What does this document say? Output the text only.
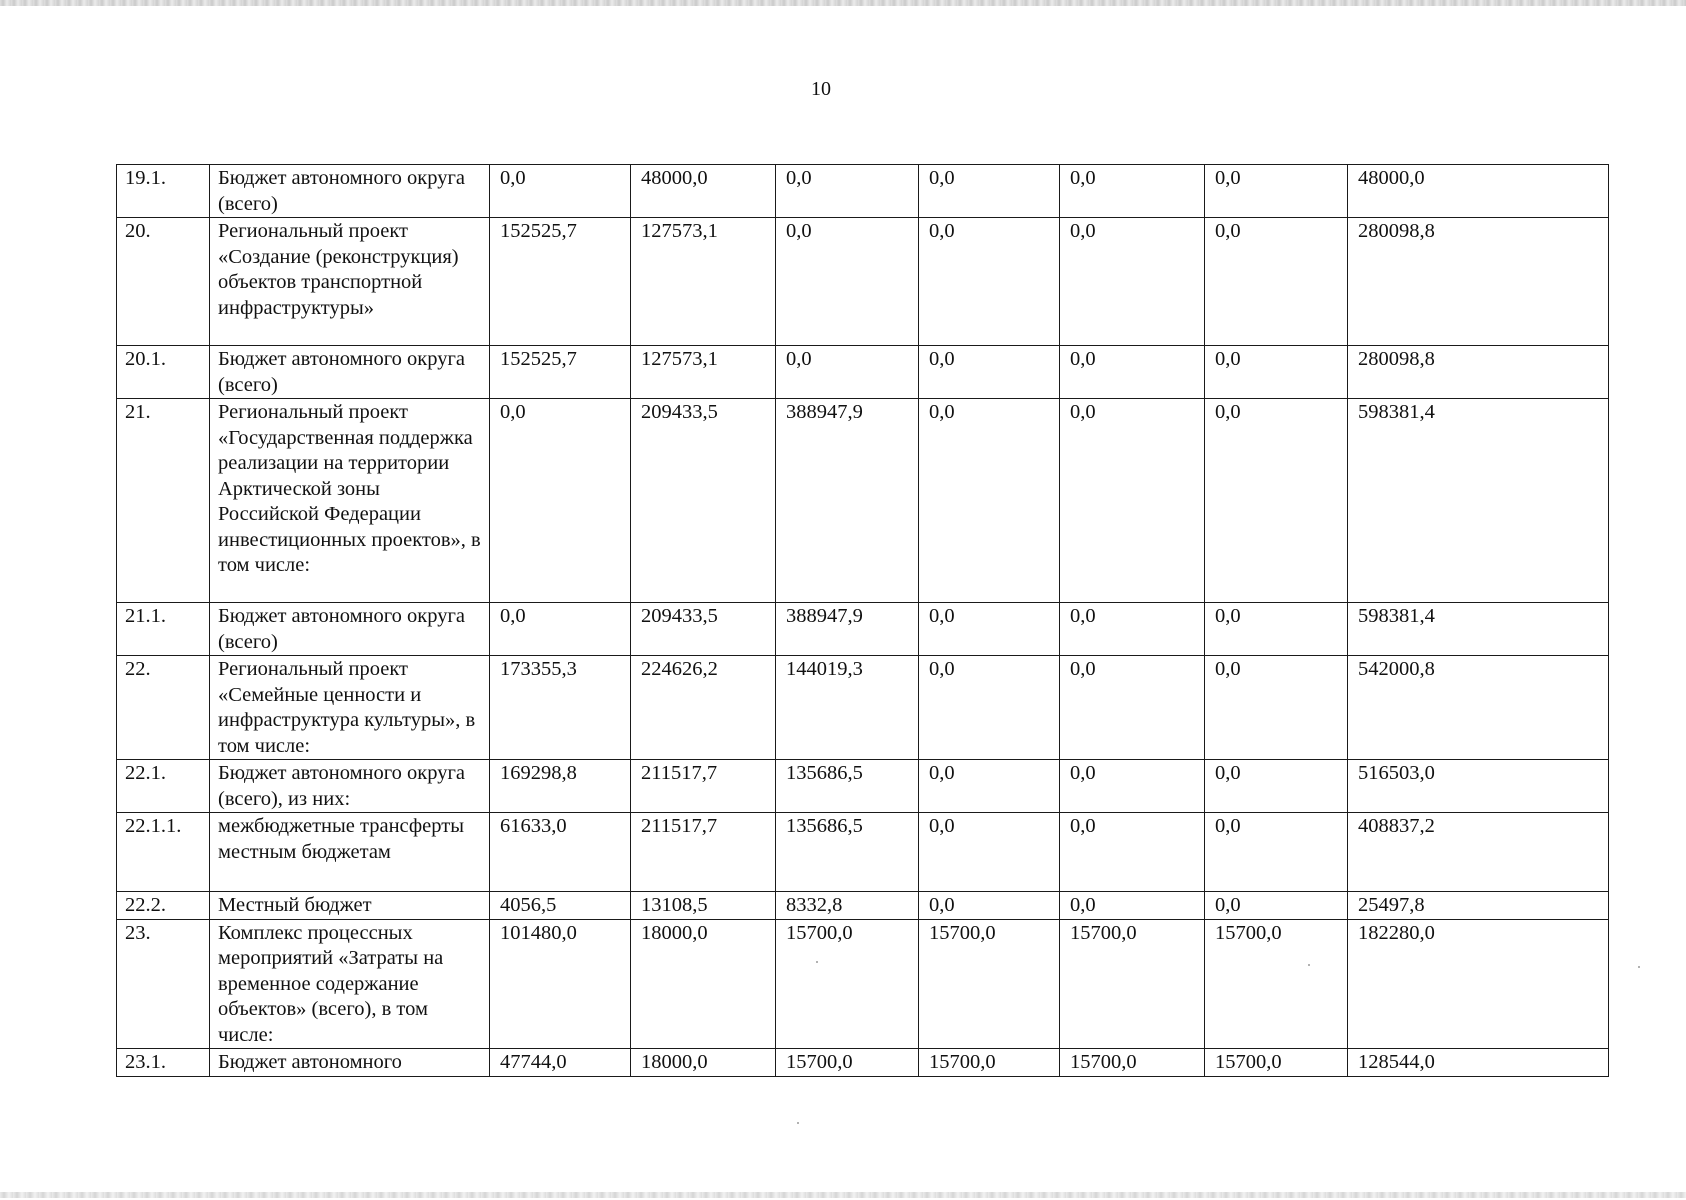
10
19.1.	Бюджет автономного округа (всего)	0,0	48000,0	0,0	0,0	0,0	0,0	48000,0
20.	Региональный проект «Создание (реконструкция) объектов транспортной инфраструктуры»	152525,7	127573,1	0,0	0,0	0,0	0,0	280098,8
20.1.	Бюджет автономного округа (всего)	152525,7	127573,1	0,0	0,0	0,0	0,0	280098,8
21.	Региональный проект «Государственная поддержка реализации на территории Арктической зоны Российской Федерации инвестиционных проектов», в том числе:	0,0	209433,5	388947,9	0,0	0,0	0,0	598381,4
21.1.	Бюджет автономного округа (всего)	0,0	209433,5	388947,9	0,0	0,0	0,0	598381,4
22.	Региональный проект «Семейные ценности и инфраструктура культуры», в том числе:	173355,3	224626,2	144019,3	0,0	0,0	0,0	542000,8
22.1.	Бюджет автономного округа (всего), из них:	169298,8	211517,7	135686,5	0,0	0,0	0,0	516503,0
22.1.1.	межбюджетные трансферты местным бюджетам	61633,0	211517,7	135686,5	0,0	0,0	0,0	408837,2
22.2.	Местный бюджет	4056,5	13108,5	8332,8	0,0	0,0	0,0	25497,8
23.	Комплекс процессных мероприятий «Затраты на временное содержание объектов» (всего), в том числе:	101480,0	18000,0	15700,0	15700,0	15700,0	15700,0	182280,0
23.1.	Бюджет автономного	47744,0	18000,0	15700,0	15700,0	15700,0	15700,0	128544,0
